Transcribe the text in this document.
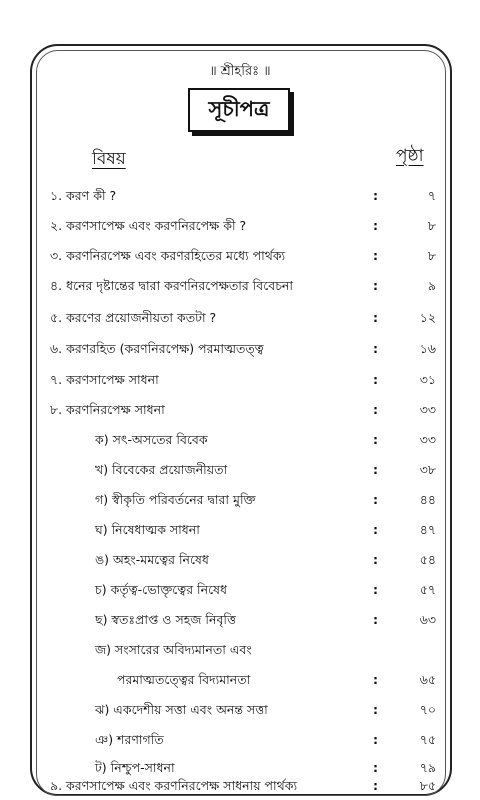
॥ শ্রীহরিঃ ॥
সূচীপত্র
বিষয়	পৃষ্ঠা
১. করণ কী ?	:	৭
২. করণসাপেক্ষ এবং করণনিরপেক্ষ কী ?	:	৮
৩. করণনিরপেক্ষ এবং করণরহিতের মধ্যে পার্থক্য	:	৮
৪. ধনের দৃষ্টান্তের দ্বারা করণনিরপেক্ষতার বিবেচনা	:	৯
৫. করণের প্রয়োজনীয়তা কতটা ?	:	১২
৬. করণরহিত (করণনিরপেক্ষ) পরমাত্মতত্ত্ব	:	১৬
৭. করণসাপেক্ষ সাধনা	:	৩১
৮. করণনিরপেক্ষ সাধনা	:	৩৩
ক) সৎ-অসতের বিবেক	:	৩৩
খ) বিবেকের প্রয়োজনীয়তা	:	৩৮
গ) স্বীকৃতি পরিবর্তনের দ্বারা মুক্তি	:	৪৪
ঘ) নিষেধাত্মক সাধনা	:	৪৭
ঙ) অহং-মমত্বের নিষেধ	:	৫৪
চ) কর্তৃত্ব-ভোক্তৃত্বের নিষেধ	:	৫৭
ছ) স্বতঃপ্রাপ্ত ও সহজ নিবৃত্তি	:	৬৩
জ) সংসারের অবিদ্যমানতা এবং
পরমাত্মতত্ত্বের বিদ্যমানতা	:	৬৫
ঝ) একদেশীয় সত্তা এবং অনন্ত সত্তা	:	৭০
ঞ) শরণাগতি	:	৭৫
ট) নিশ্চুপ-সাধনা	:	৭৯
৯. করণসাপেক্ষ এবং করণনিরপেক্ষ সাধনায় পার্থক্য	:	৮৫
